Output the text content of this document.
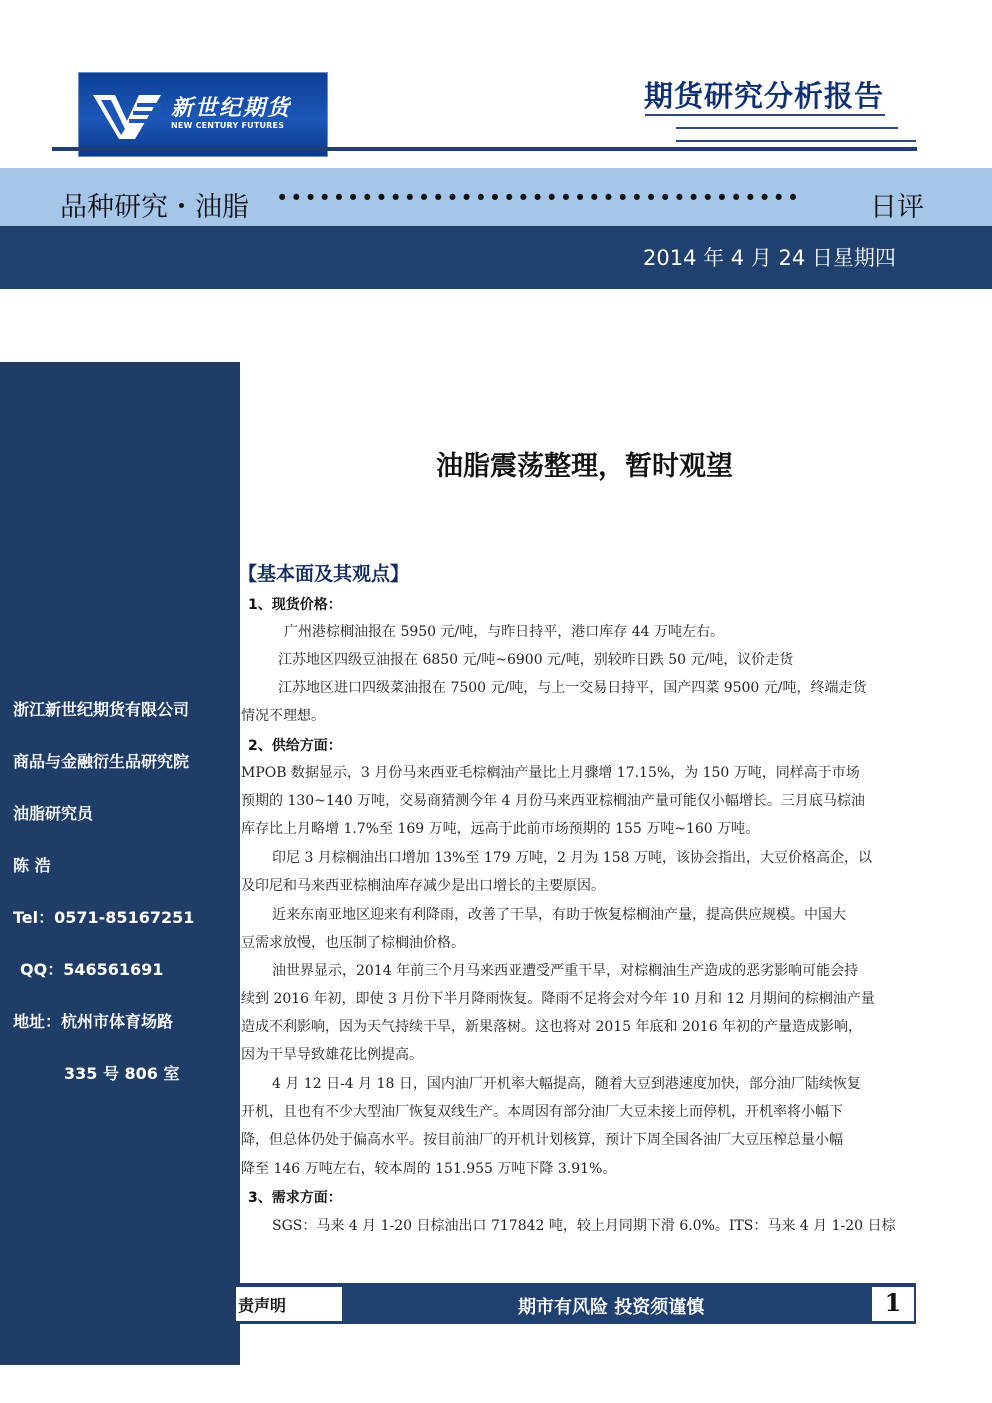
新世纪期货
NEW CENTURY FUTURES
期货研究分析报告
品种研究・油脂 •••••••••••••••••••••••••••••••••••••	日评
2014 年 4 月 24 日星期四
浙江新世纪期货有限公司
商品与金融衍生品研究院
油脂研究员
陈 浩
Tel：0571-85167251
QQ：546561691
地址：杭州市体育场路
335 号 806 室
油脂震荡整理，暂时观望
【基本面及其观点】
1、现货价格：
广州港棕榈油报在 5950 元/吨，与昨日持平，港口库存 44 万吨左右。
江苏地区四级豆油报在 6850 元/吨~6900 元/吨，别较昨日跌 50 元/吨，议价走货
江苏地区进口四级菜油报在 7500 元/吨，与上一交易日持平，国产四菜 9500 元/吨，终端走货
情况不理想。
2、供给方面：
MPOB 数据显示，3 月份马来西亚毛棕榈油产量比上月骤增 17.15%，为 150 万吨，同样高于市场
预期的 130~140 万吨，交易商猜测今年 4 月份马来西亚棕榈油产量可能仅小幅增长。三月底马棕油
库存比上月略增 1.7%至 169 万吨，远高于此前市场预期的 155 万吨~160 万吨。
印尼 3 月棕榈油出口增加 13%至 179 万吨，2 月为 158 万吨，该协会指出，大豆价格高企，以
及印尼和马来西亚棕榈油库存减少是出口增长的主要原因。
近来东南亚地区迎来有利降雨，改善了干旱，有助于恢复棕榈油产量，提高供应规模。中国大
豆需求放慢，也压制了棕榈油价格。
油世界显示，2014 年前三个月马来西亚遭受严重干旱，对棕榈油生产造成的恶劣影响可能会持
续到 2016 年初，即使 3 月份下半月降雨恢复。降雨不足将会对今年 10 月和 12 月期间的棕榈油产量
造成不利影响，因为天气持续干旱，新果落树。这也将对 2015 年底和 2016 年初的产量造成影响，
因为干旱导致雄花比例提高。
4 月 12 日-4 月 18 日，国内油厂开机率大幅提高，随着大豆到港速度加快，部分油厂陆续恢复
开机，且也有不少大型油厂恢复双线生产。本周因有部分油厂大豆未接上而停机，开机率将小幅下
降，但总体仍处于偏高水平。按目前油厂的开机计划核算，预计下周全国各油厂大豆压榨总量小幅
降至 146 万吨左右，较本周的 151.955 万吨下降 3.91%。
3、需求方面：
SGS：马来 4 月 1-20 日棕油出口 717842 吨，较上月同期下滑 6.0%。ITS：马来 4 月 1-20 日棕
责声明	期市有风险 投资须谨慎	1
